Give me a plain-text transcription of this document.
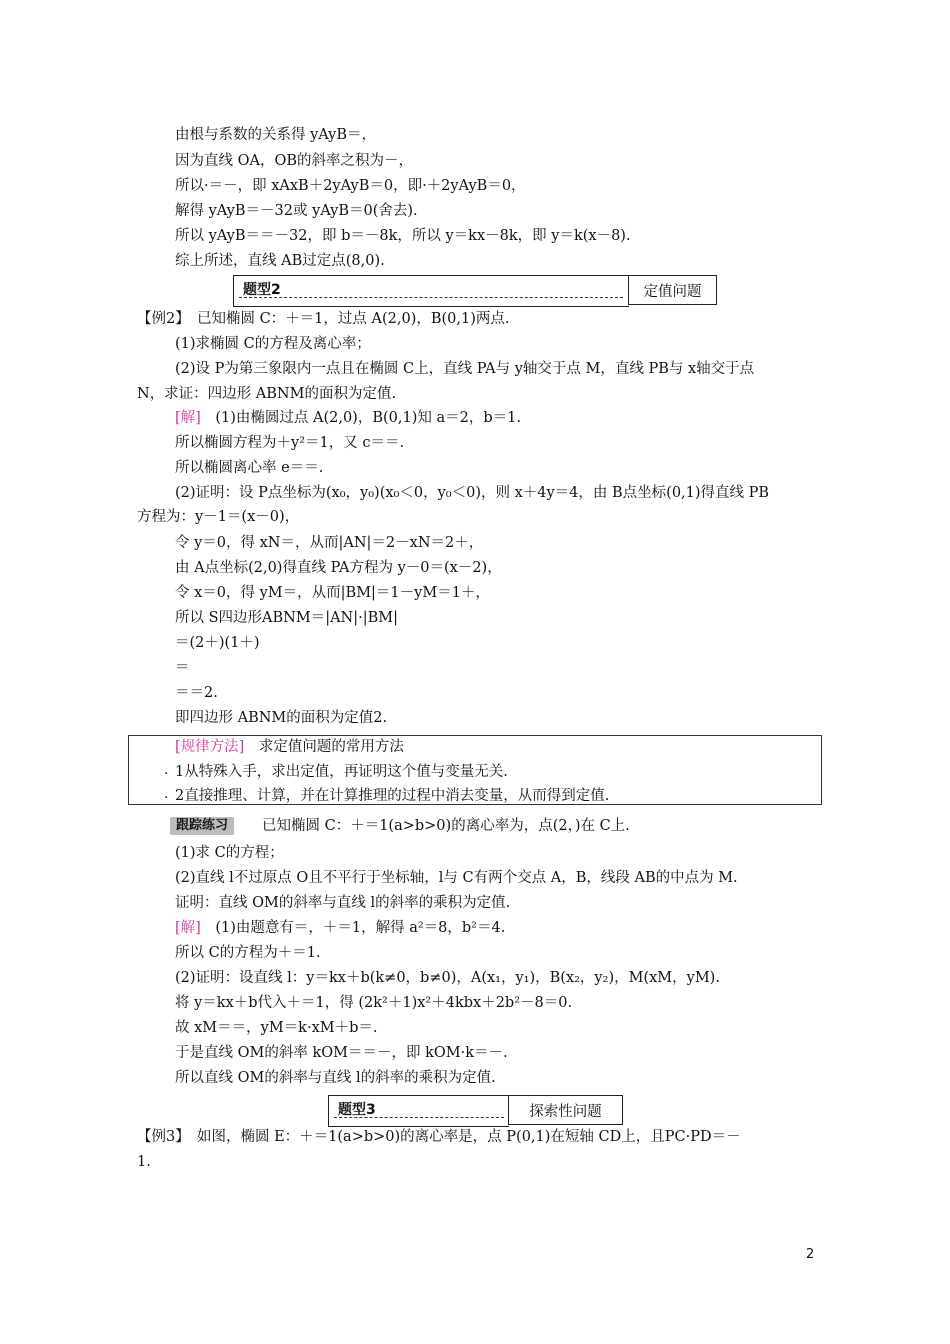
由根与系数的关系得 yAyB＝，
因为直线 OA，OB的斜率之积为－，
所以·＝－，即 xAxB＋2yAyB＝0，即·＋2yAyB＝0，
解得 yAyB＝－32或 yAyB＝0(舍去).
所以 yAyB＝＝－32，即 b＝－8k，所以 y＝kx－8k，即 y＝k(x－8).
综上所述，直线 AB过定点(8,0).
题型2	定值问题
【例2】　已知椭圆 C：＋＝1，过点 A(2,0)，B(0,1)两点.
(1)求椭圆 C的方程及离心率；
(2)设 P为第三象限内一点且在椭圆 C上，直线 PA与 y轴交于点 M，直线 PB与 x轴交于点
N，求证：四边形 ABNM的面积为定值.
[解]　(1)由椭圆过点 A(2,0)，B(0,1)知 a＝2，b＝1.
所以椭圆方程为＋y²＝1，又 c＝＝.
所以椭圆离心率 e＝＝.
(2)证明：设 P点坐标为(x₀，y₀)(x₀＜0，y₀＜0)，则 x＋4y＝4，由 B点坐标(0,1)得直线 PB
方程为：y－1＝(x－0)，
令 y＝0，得 xN＝，从而|AN|＝2－xN＝2＋，
由 A点坐标(2,0)得直线 PA方程为 y－0＝(x－2)，
令 x＝0，得 yM＝，从而|BM|＝1－yM＝1＋，
所以 S四边形ABNM＝|AN|·|BM|
＝(2＋)(1＋)
＝
＝＝2.
即四边形 ABNM的面积为定值2.
[规律方法]　求定值问题的常用方法
. 1从特殊入手，求出定值，再证明这个值与变量无关.
. 2直接推理、计算，并在计算推理的过程中消去变量，从而得到定值.
跟踪练习	已知椭圆 C：＋＝1(a>b>0)的离心率为，点(2，)在 C上.
(1)求 C的方程；
(2)直线 l不过原点 O且不平行于坐标轴，l与 C有两个交点 A，B，线段 AB的中点为 M.
证明：直线 OM的斜率与直线 l的斜率的乘积为定值.
[解]　(1)由题意有＝，＋＝1，解得 a²＝8，b²＝4.
所以 C的方程为＋＝1.
(2)证明：设直线 l：y＝kx＋b(k≠0，b≠0)，A(x₁，y₁)，B(x₂，y₂)，M(xM，yM).
将 y＝kx＋b代入＋＝1，得 (2k²＋1)x²＋4kbx＋2b²－8＝0.
故 xM＝＝，yM＝k·xM＋b＝.
于是直线 OM的斜率 kOM＝＝－，即 kOM·k＝－.
所以直线 OM的斜率与直线 l的斜率的乘积为定值.
题型3	探索性问题
【例3】　如图，椭圆 E：＋＝1(a>b>0)的离心率是，点 P(0,1)在短轴 CD上，且PC·PD＝－
1.
2
